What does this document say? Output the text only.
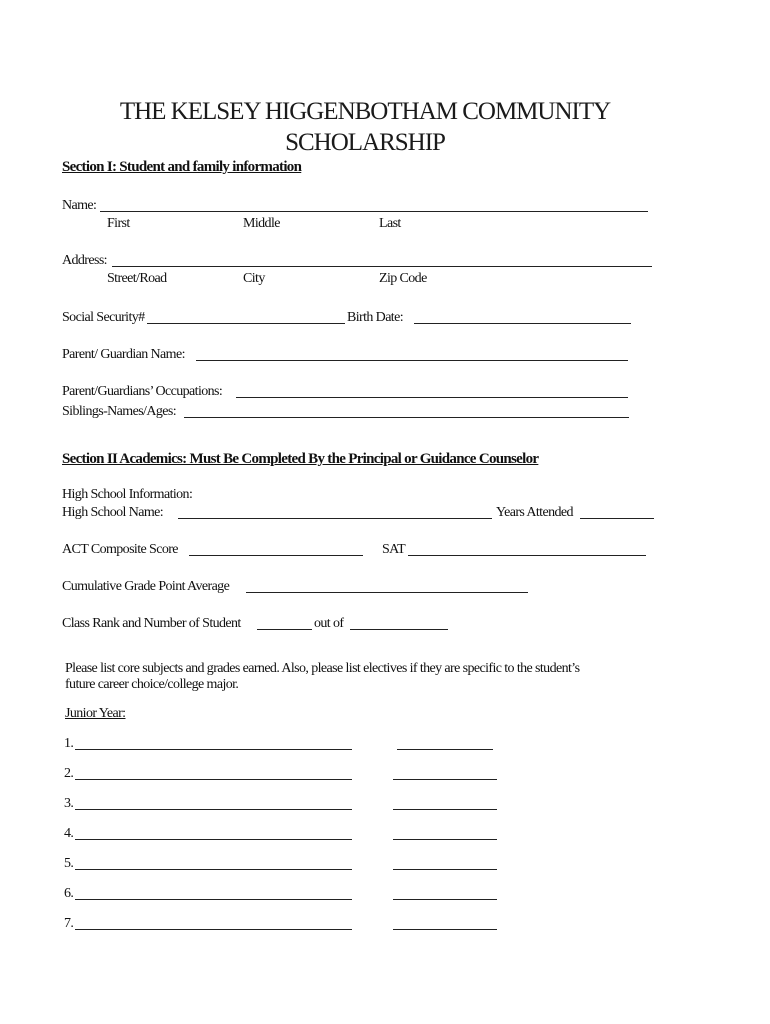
THE KELSEY HIGGENBOTHAM COMMUNITY
SCHOLARSHIP
Section I: Student and family information
Name:
First	Middle	Last
Address:
Street/Road	City	Zip Code
Social Security#	Birth Date:
Parent/ Guardian Name:
Parent/Guardians’ Occupations:
Siblings-Names/Ages:
Section II Academics: Must Be Completed By the Principal or Guidance Counselor
High School Information:
High School Name:	Years Attended
ACT Composite Score	SAT
Cumulative Grade Point Average
Class Rank and Number of Student	out of
Please list core subjects and grades earned. Also, please list electives if they are specific to the student’s
future career choice/college major.
Junior Year:
1.
2.
3.
4.
5.
6.
7.
